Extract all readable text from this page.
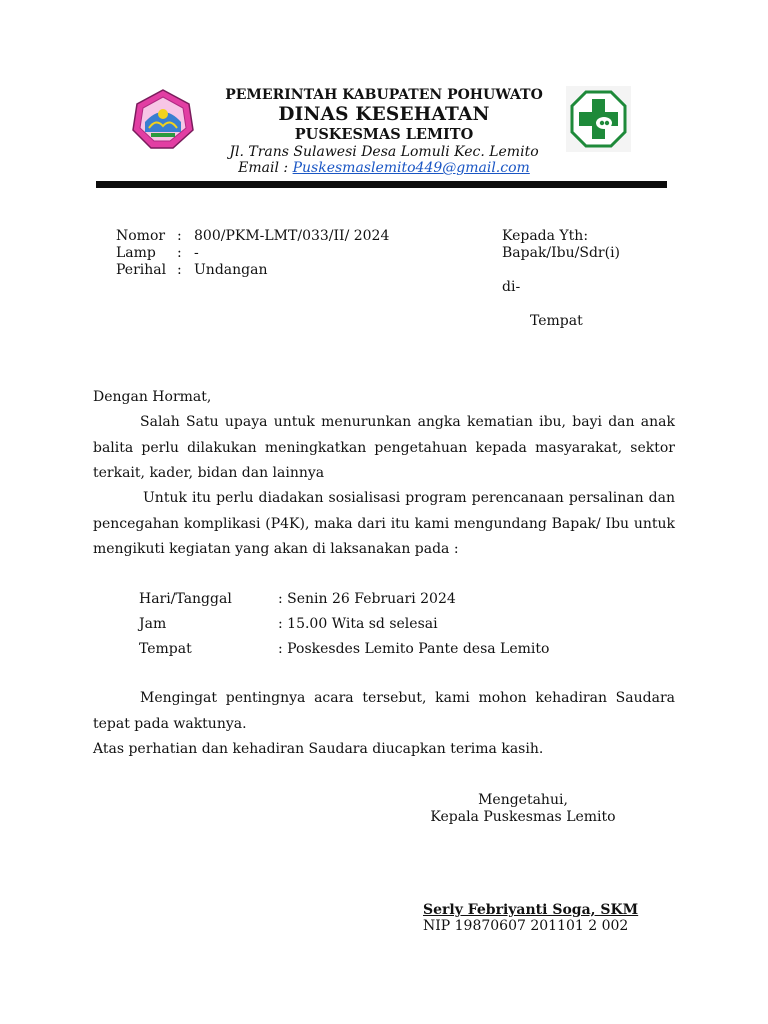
PEMERINTAH KABUPATEN POHUWATO
DINAS KESEHATAN
PUSKESMAS LEMITO
Jl. Trans Sulawesi Desa Lomuli Kec. Lemito
Email : Puskesmaslemito449@gmail.com
Nomor : 800/PKM-LMT/033/II/ 2024
Lamp : -
Perihal : Undangan
Kepada Yth:
Bapak/Ibu/Sdr(i)
di-
Tempat
Dengan Hormat,
Salah Satu upaya untuk menurunkan angka kematian ibu, bayi dan anak balita perlu dilakukan meningkatkan pengetahuan kepada masyarakat, sektor terkait, kader, bidan dan lainnya
Untuk itu perlu diadakan sosialisasi program perencanaan persalinan dan pencegahan komplikasi (P4K), maka dari itu kami mengundang Bapak/ Ibu untuk mengikuti kegiatan yang akan di laksanakan pada :
Hari/Tanggal	: Senin 26 Februari 2024
Jam	: 15.00 Wita sd selesai
Tempat	: Poskesdes Lemito Pante desa Lemito
Mengingat pentingnya acara tersebut, kami mohon kehadiran Saudara tepat pada waktunya.
Atas perhatian dan kehadiran Saudara diucapkan terima kasih.
Mengetahui,
Kepala Puskesmas Lemito
Serly Febriyanti Soga, SKM
NIP 19870607 201101 2 002
